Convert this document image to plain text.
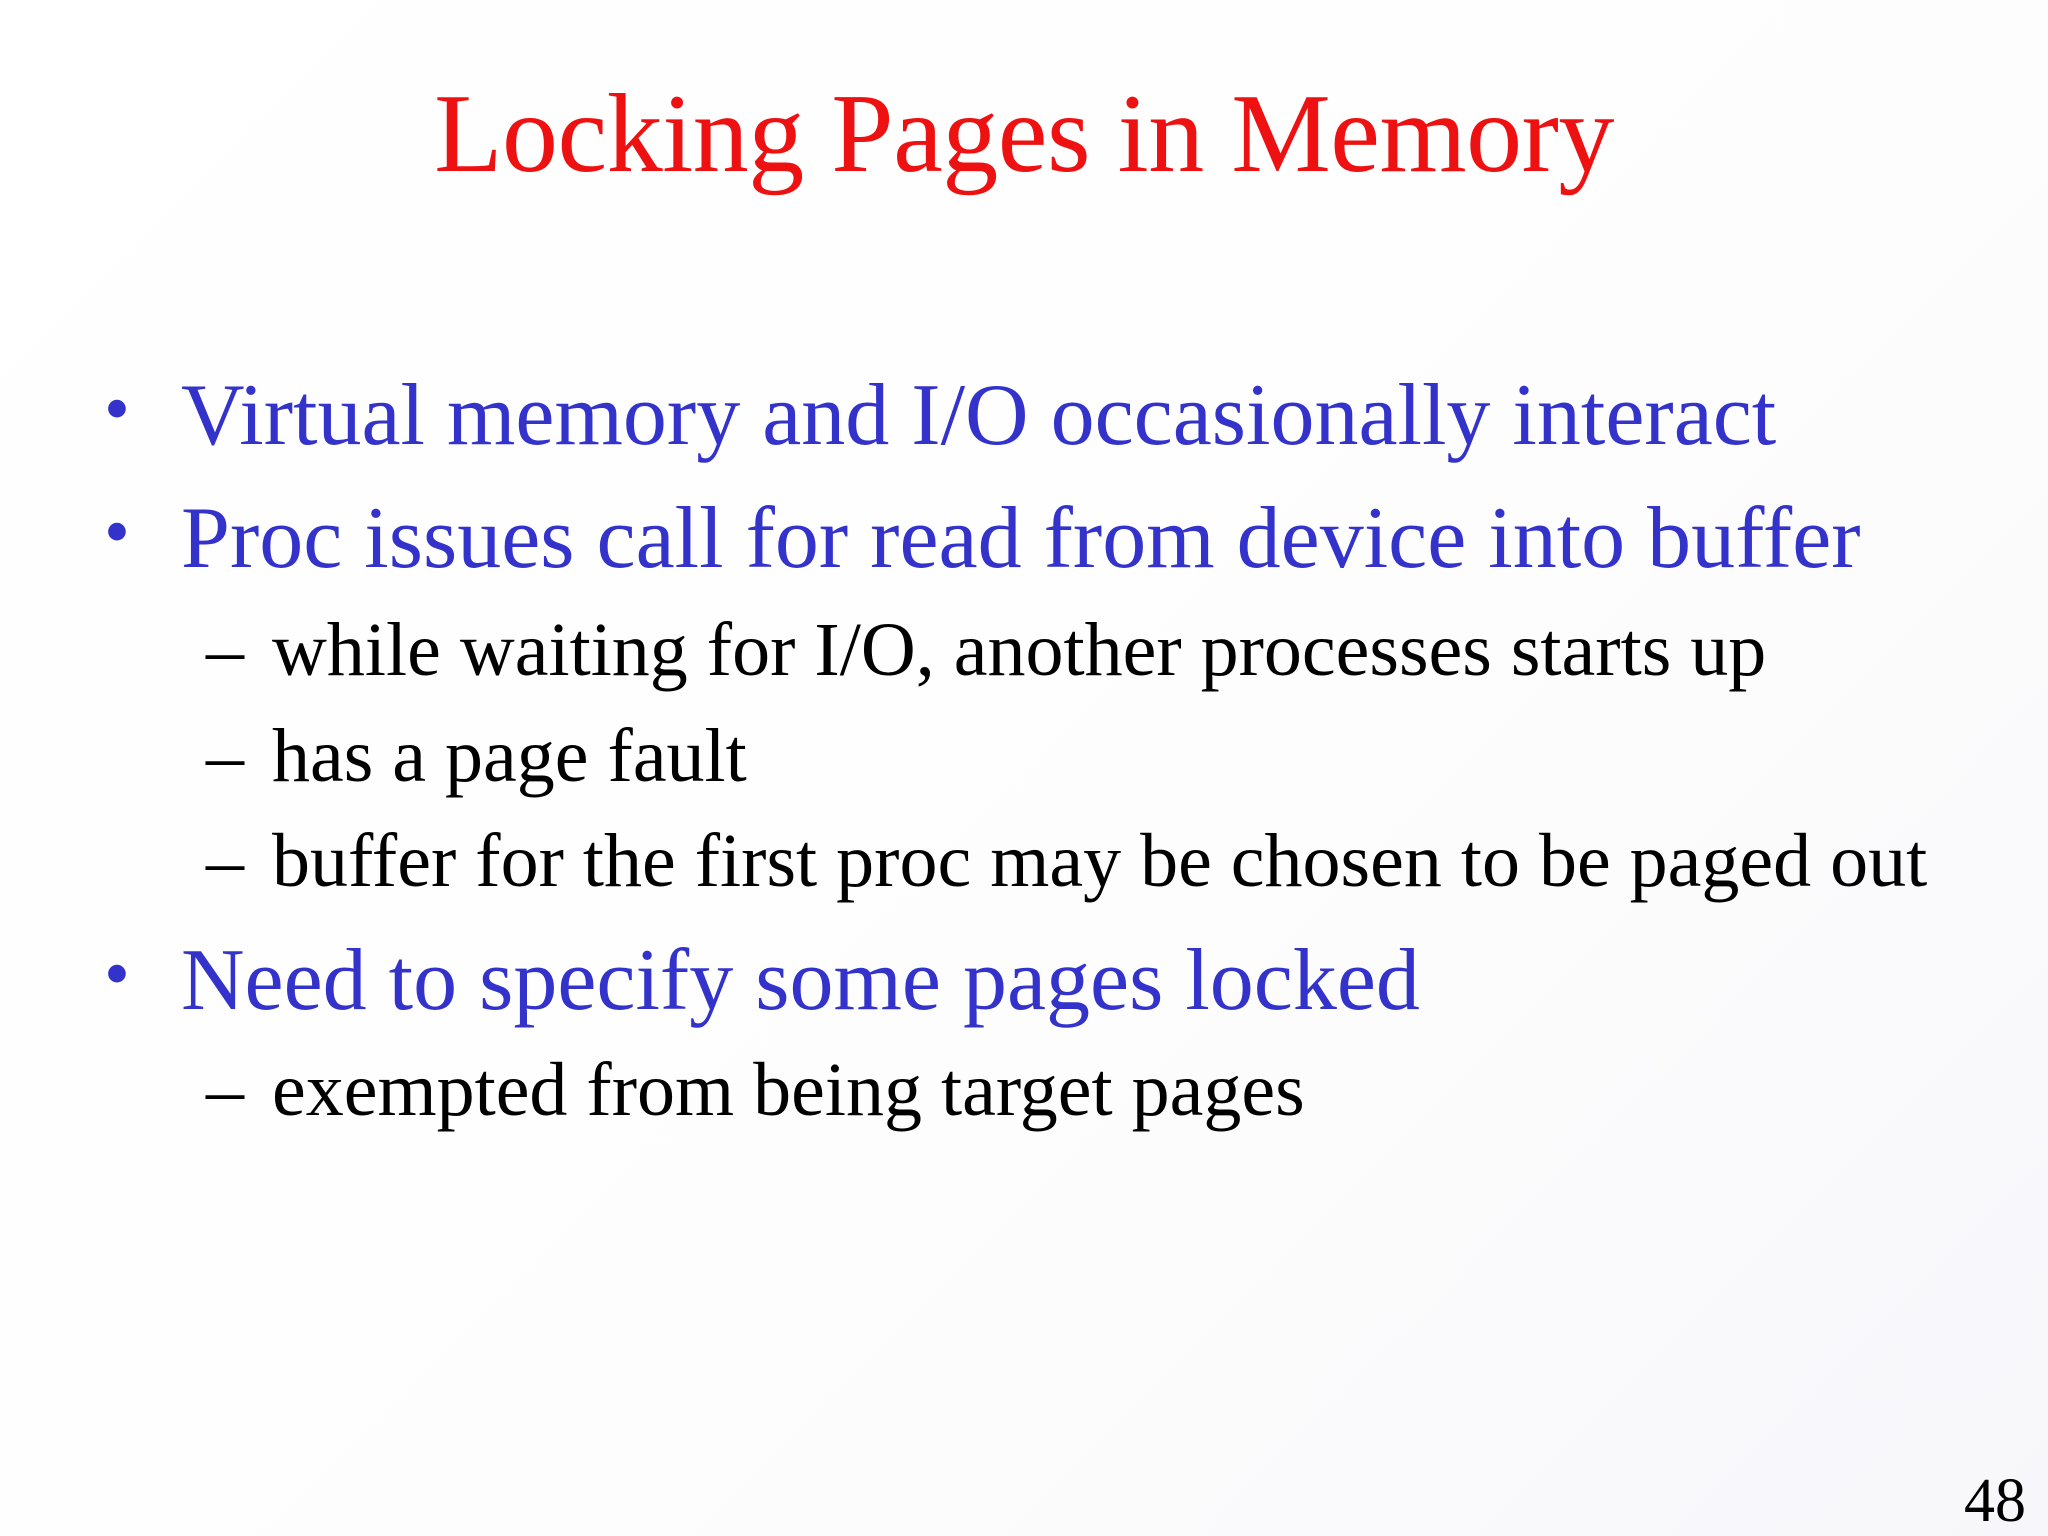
Locking Pages in Memory
• Virtual memory and I/O occasionally interact
• Proc issues call for read from device into buffer
– while waiting for I/O, another processes starts up
– has a page fault
– buffer for the first proc may be chosen to be paged out
• Need to specify some pages locked
– exempted from being target pages
48
